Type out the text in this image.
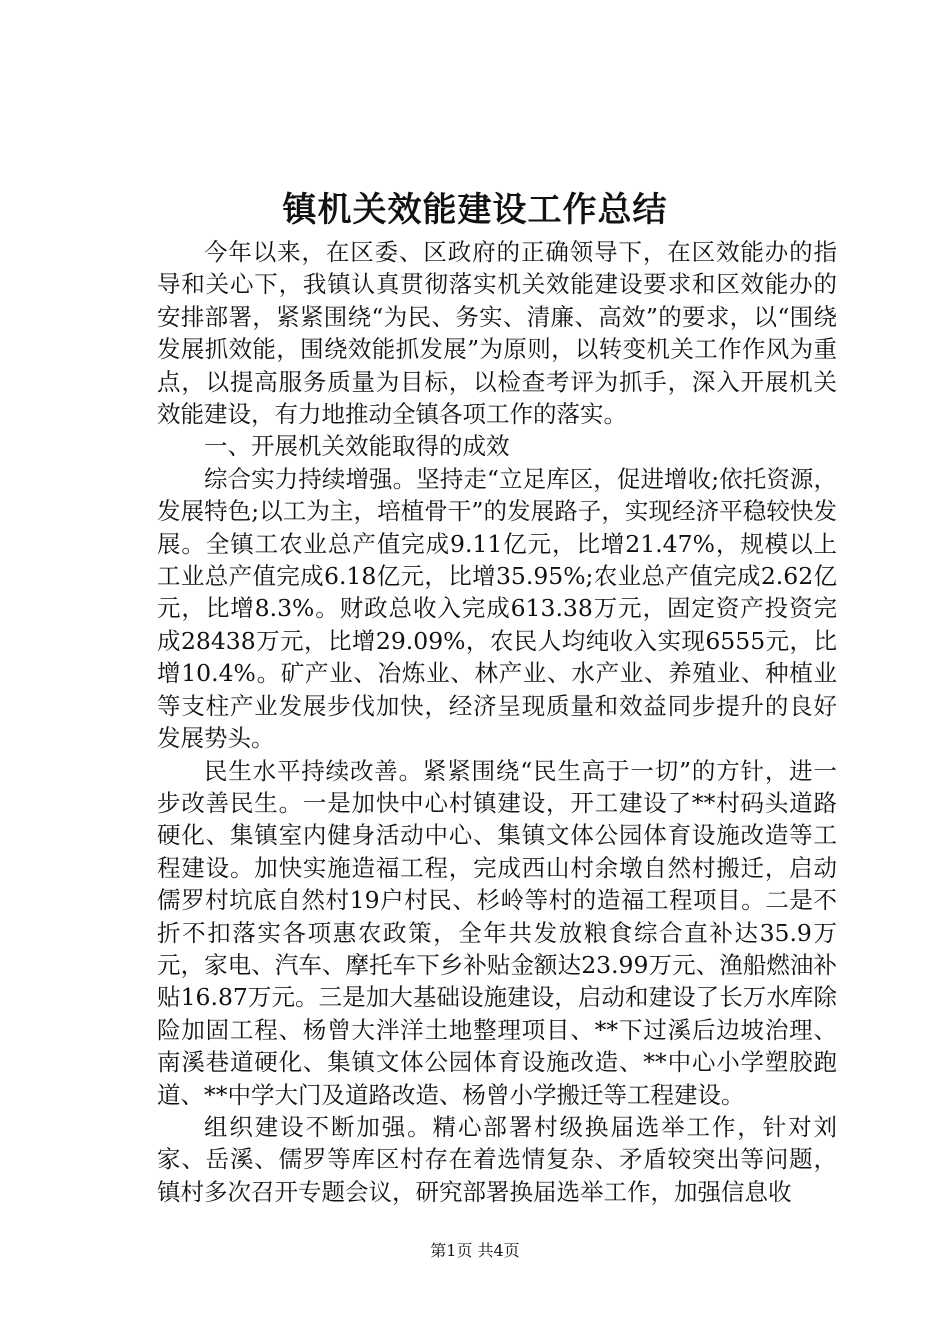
镇机关效能建设工作总结

今年以来，在区委、区政府的正确领导下，在区效能办的指导和关心下，我镇认真贯彻落实机关效能建设要求和区效能办的安排部署，紧紧围绕“为民、务实、清廉、高效”的要求，以“围绕发展抓效能，围绕效能抓发展”为原则，以转变机关工作作风为重点，以提高服务质量为目标，以检查考评为抓手，深入开展机关效能建设，有力地推动全镇各项工作的落实。

一、开展机关效能取得的成效

综合实力持续增强。坚持走“立足库区，促进增收;依托资源，发展特色;以工为主，培植骨干”的发展路子，实现经济平稳较快发展。全镇工农业总产值完成9.11亿元，比增21.47%，规模以上工业总产值完成6.18亿元，比增35.95%;农业总产值完成2.62亿元，比增8.3%。财政总收入完成613.38万元，固定资产投资完成28438万元，比增29.09%，农民人均纯收入实现6555元，比增10.4%。矿产业、冶炼业、林产业、水产业、养殖业、种植业等支柱产业发展步伐加快，经济呈现质量和效益同步提升的良好发展势头。

民生水平持续改善。紧紧围绕“民生高于一切”的方针，进一步改善民生。一是加快中心村镇建设，开工建设了**村码头道路硬化、集镇室内健身活动中心、集镇文体公园体育设施改造等工程建设。加快实施造福工程，完成西山村余墩自然村搬迁，启动儒罗村坑底自然村19户村民、杉岭等村的造福工程项目。二是不折不扣落实各项惠农政策，全年共发放粮食综合直补达35.9万元，家电、汽车、摩托车下乡补贴金额达23.99万元、渔船燃油补贴16.87万元。三是加大基础设施建设，启动和建设了长万水库除险加固工程、杨曾大泮洋土地整理项目、**下过溪后边坡治理、南溪巷道硬化、集镇文体公园体育设施改造、**中心小学塑胶跑道、**中学大门及道路改造、杨曾小学搬迁等工程建设。

组织建设不断加强。精心部署村级换届选举工作，针对刘家、岳溪、儒罗等库区村存在着选情复杂、矛盾较突出等问题，镇村多次召开专题会议，研究部署换届选举工作，加强信息收

第1页 共4页
